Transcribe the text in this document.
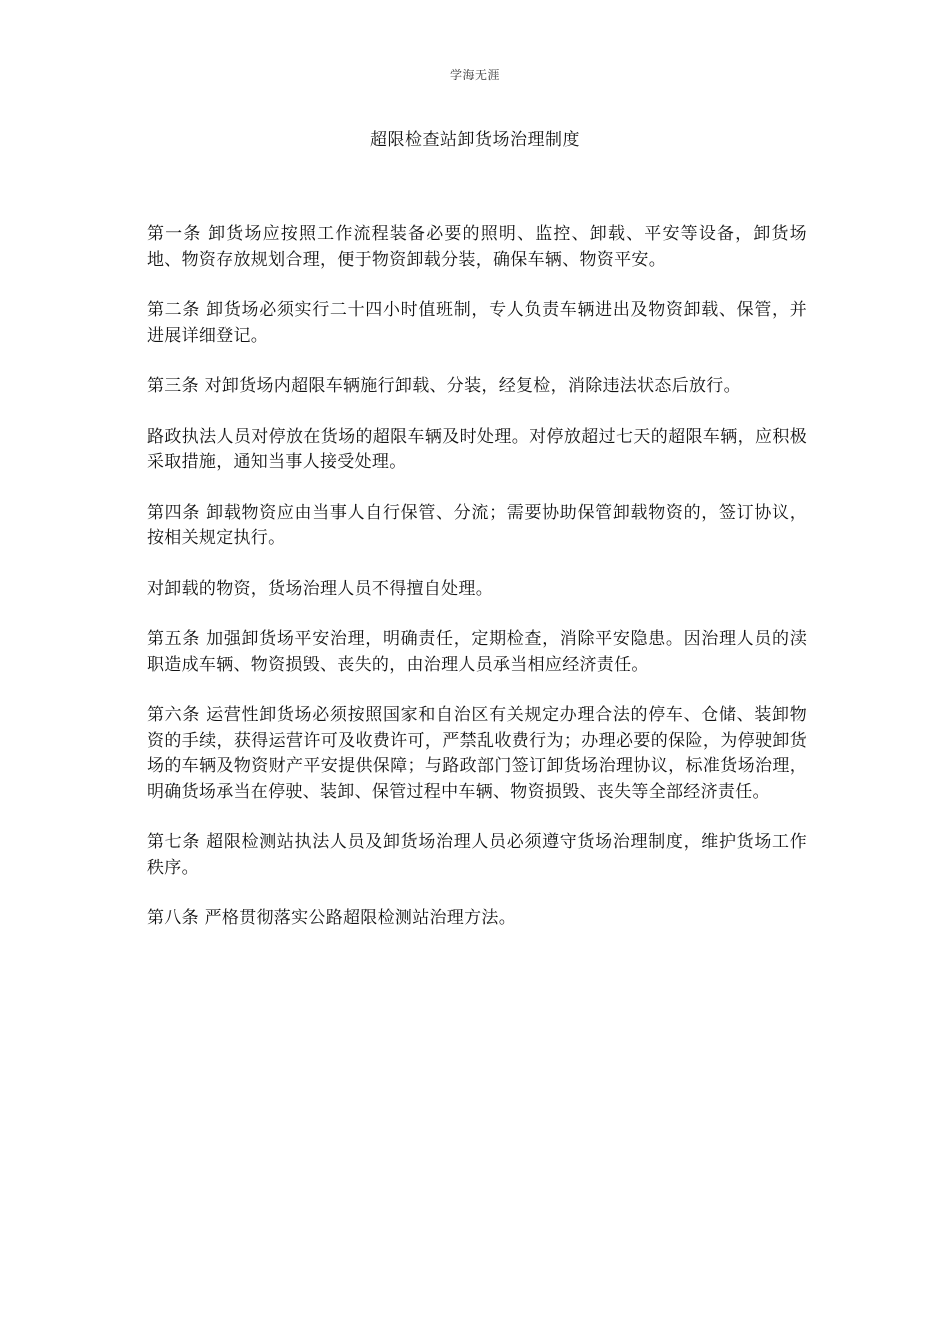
学海无涯
超限检查站卸货场治理制度

第一条 卸货场应按照工作流程装备必要的照明、监控、卸载、平安等设备，卸货场地、物资存放规划合理，便于物资卸载分装，确保车辆、物资平安。

第二条 卸货场必须实行二十四小时值班制，专人负责车辆进出及物资卸载、保管，并进展详细登记。

第三条 对卸货场内超限车辆施行卸载、分装，经复检，消除违法状态后放行。

路政执法人员对停放在货场的超限车辆及时处理。对停放超过七天的超限车辆，应积极采取措施，通知当事人接受处理。

第四条 卸载物资应由当事人自行保管、分流；需要协助保管卸载物资的，签订协议，按相关规定执行。

对卸载的物资，货场治理人员不得擅自处理。

第五条 加强卸货场平安治理，明确责任，定期检查，消除平安隐患。因治理人员的渎职造成车辆、物资损毁、丧失的，由治理人员承当相应经济责任。

第六条 运营性卸货场必须按照国家和自治区有关规定办理合法的停车、仓储、装卸物资的手续，获得运营许可及收费许可，严禁乱收费行为；办理必要的保险，为停驶卸货场的车辆及物资财产平安提供保障；与路政部门签订卸货场治理协议，标准货场治理，明确货场承当在停驶、装卸、保管过程中车辆、物资损毁、丧失等全部经济责任。

第七条 超限检测站执法人员及卸货场治理人员必须遵守货场治理制度，维护货场工作秩序。

第八条 严格贯彻落实公路超限检测站治理方法。
